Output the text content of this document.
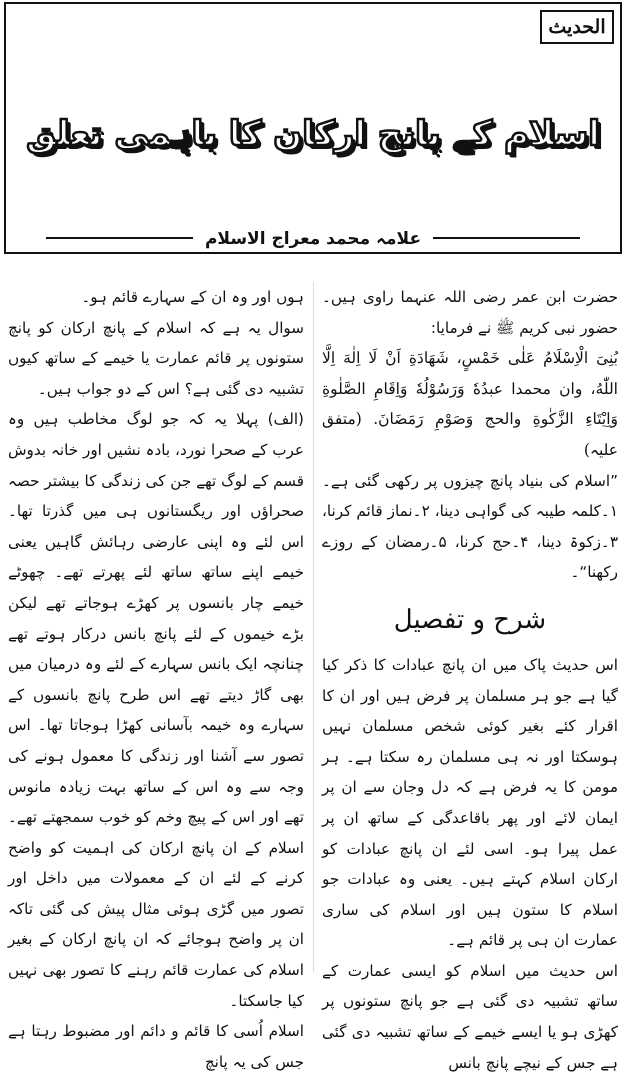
الحدیث
اسلام کے پانچ ارکان کا باہمی تعلق
علامہ محمد معراج الاسلام

حضرت ابن عمر رضی اللہ عنہما راوی ہیں۔ حضور نبی کریم ﷺ نے فرمایا:

بُنِیَ الْاِسْلَامُ عَلٰی خَمْسٍ، شَهَادَةِ اَنْ لَا اِلٰهَ اِلَّا اللّٰهُ، وان محمدا عبدُهٗ وَرَسُوْلُهٗ وَاِقَامِ الصَّلٰوةِ وَاِيْتَاءِ الزَّكٰوةِ والحج وَصَوْمِ رَمَضَانَ. (متفق علیہ)

”اسلام کی بنیاد پانچ چیزوں پر رکھی گئی ہے۔ ۱۔کلمہ طیبہ کی گواہی دینا، ۲۔نماز قائم کرنا، ۳۔زکوۃ دینا، ۴۔حج کرنا، ۵۔رمضان کے روزے رکھنا“۔

شرح و تفصیل

اس حدیث پاک میں ان پانچ عبادات کا ذکر کیا گیا ہے جو ہر مسلمان پر فرض ہیں اور ان کا اقرار کئے بغیر کوئی شخص مسلمان نہیں ہوسکتا اور نہ ہی مسلمان رہ سکتا ہے۔ ہر مومن کا یہ فرض ہے کہ دل وجان سے ان پر ایمان لائے اور پھر باقاعدگی کے ساتھ ان پر عمل پیرا ہو۔ اسی لئے ان پانچ عبادات کو ارکان اسلام کہتے ہیں۔ یعنی وہ عبادات جو اسلام کا ستون ہیں اور اسلام کی ساری عمارت ان ہی پر قائم ہے۔

اس حدیث میں اسلام کو ایسی عمارت کے ساتھ تشبیہ دی گئی ہے جو پانچ ستونوں پر کھڑی ہو یا ایسے خیمے کے ساتھ تشبیہ دی گئی ہے جس کے نیچے پانچ بانس

ہوں اور وہ ان کے سہارے قائم ہو۔

سوال یہ ہے کہ اسلام کے پانچ ارکان کو پانچ ستونوں پر قائم عمارت یا خیمے کے ساتھ کیوں تشبیہ دی گئی ہے؟ اس کے دو جواب ہیں۔

(الف) پہلا یہ کہ جو لوگ مخاطب ہیں وہ عرب کے صحرا نورد، بادہ نشیں اور خانہ بدوش قسم کے لوگ تھے جن کی زندگی کا بیشتر حصہ صحراؤں اور ریگستانوں ہی میں گذرتا تھا۔ اس لئے وہ اپنی عارضی رہائش گاہیں یعنی خیمے اپنے ساتھ ساتھ لئے پھرتے تھے۔ چھوٹے خیمے چار بانسوں پر کھڑے ہوجاتے تھے لیکن بڑے خیموں کے لئے پانچ بانس درکار ہوتے تھے چنانچہ ایک بانس سہارے کے لئے وہ درمیان میں بھی گاڑ دیتے تھے اس طرح پانچ بانسوں کے سہارے وہ خیمہ بآسانی کھڑا ہوجاتا تھا۔ اس تصور سے آشنا اور زندگی کا معمول ہونے کی وجہ سے وہ اس کے ساتھ بہت زیادہ مانوس تھے اور اس کے پیچ وخم کو خوب سمجھتے تھے۔ اسلام کے ان پانچ ارکان کی اہمیت کو واضح کرنے کے لئے ان کے معمولات میں داخل اور تصور میں گڑی ہوئی مثال پیش کی گئی تاکہ ان پر واضح ہوجائے کہ ان پانچ ارکان کے بغیر اسلام کی عمارت قائم رہنے کا تصور بھی نہیں کیا جاسکتا۔

اسلام اُسی کا قائم و دائم اور مضبوط رہتا ہے جس کی یہ پانچ
